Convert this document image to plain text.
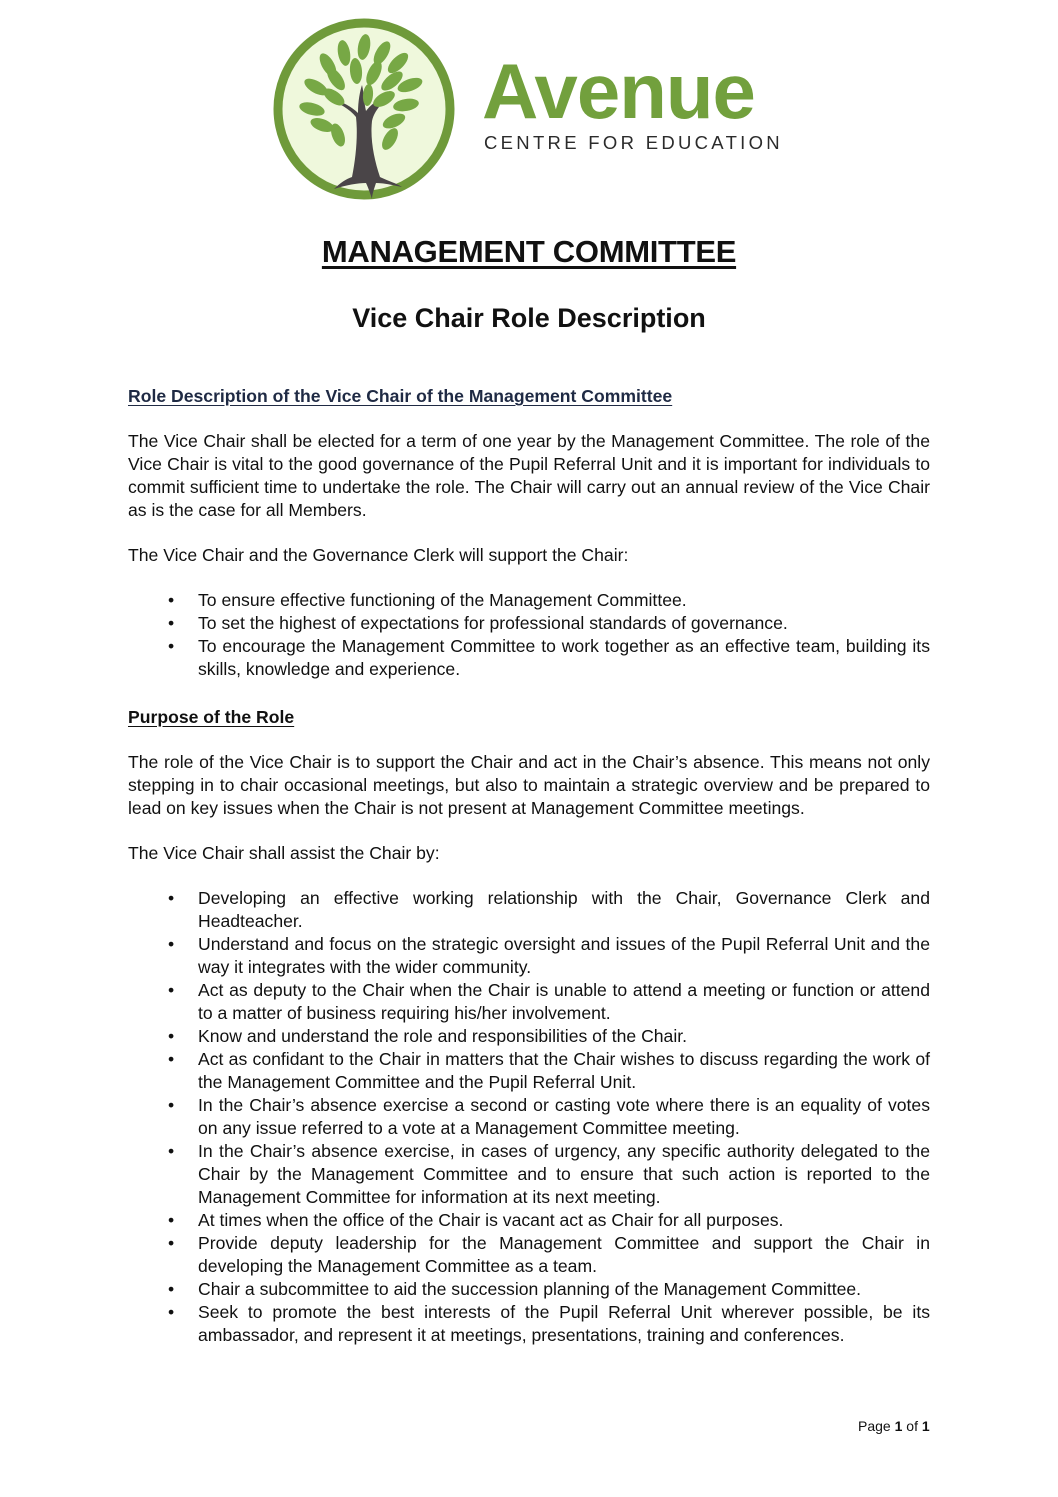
Avenue
CENTRE FOR EDUCATION
MANAGEMENT COMMITTEE
Vice Chair Role Description
Role Description of the Vice Chair of the Management Committee

The Vice Chair shall be elected for a term of one year by the Management Committee. The role of the Vice Chair is vital to the good governance of the Pupil Referral Unit and it is important for individuals to commit sufficient time to undertake the role. The Chair will carry out an annual review of the Vice Chair as is the case for all Members.

The Vice Chair and the Governance Clerk will support the Chair:

• To ensure effective functioning of the Management Committee.
• To set the highest of expectations for professional standards of governance.
• To encourage the Management Committee to work together as an effective team, building its skills, knowledge and experience.
Purpose of the Role

The role of the Vice Chair is to support the Chair and act in the Chair’s absence. This means not only stepping in to chair occasional meetings, but also to maintain a strategic overview and be prepared to lead on key issues when the Chair is not present at Management Committee meetings.

The Vice Chair shall assist the Chair by:

• Developing an effective working relationship with the Chair, Governance Clerk and Headteacher.
• Understand and focus on the strategic oversight and issues of the Pupil Referral Unit and the way it integrates with the wider community.
• Act as deputy to the Chair when the Chair is unable to attend a meeting or function or attend to a matter of business requiring his/her involvement.
• Know and understand the role and responsibilities of the Chair.
• Act as confidant to the Chair in matters that the Chair wishes to discuss regarding the work of the Management Committee and the Pupil Referral Unit.
• In the Chair’s absence exercise a second or casting vote where there is an equality of votes on any issue referred to a vote at a Management Committee meeting.
• In the Chair’s absence exercise, in cases of urgency, any specific authority delegated to the Chair by the Management Committee and to ensure that such action is reported to the Management Committee for information at its next meeting.
• At times when the office of the Chair is vacant act as Chair for all purposes.
• Provide deputy leadership for the Management Committee and support the Chair in developing the Management Committee as a team.
• Chair a subcommittee to aid the succession planning of the Management Committee.
• Seek to promote the best interests of the Pupil Referral Unit wherever possible, be its ambassador, and represent it at meetings, presentations, training and conferences.
Page 1 of 1
